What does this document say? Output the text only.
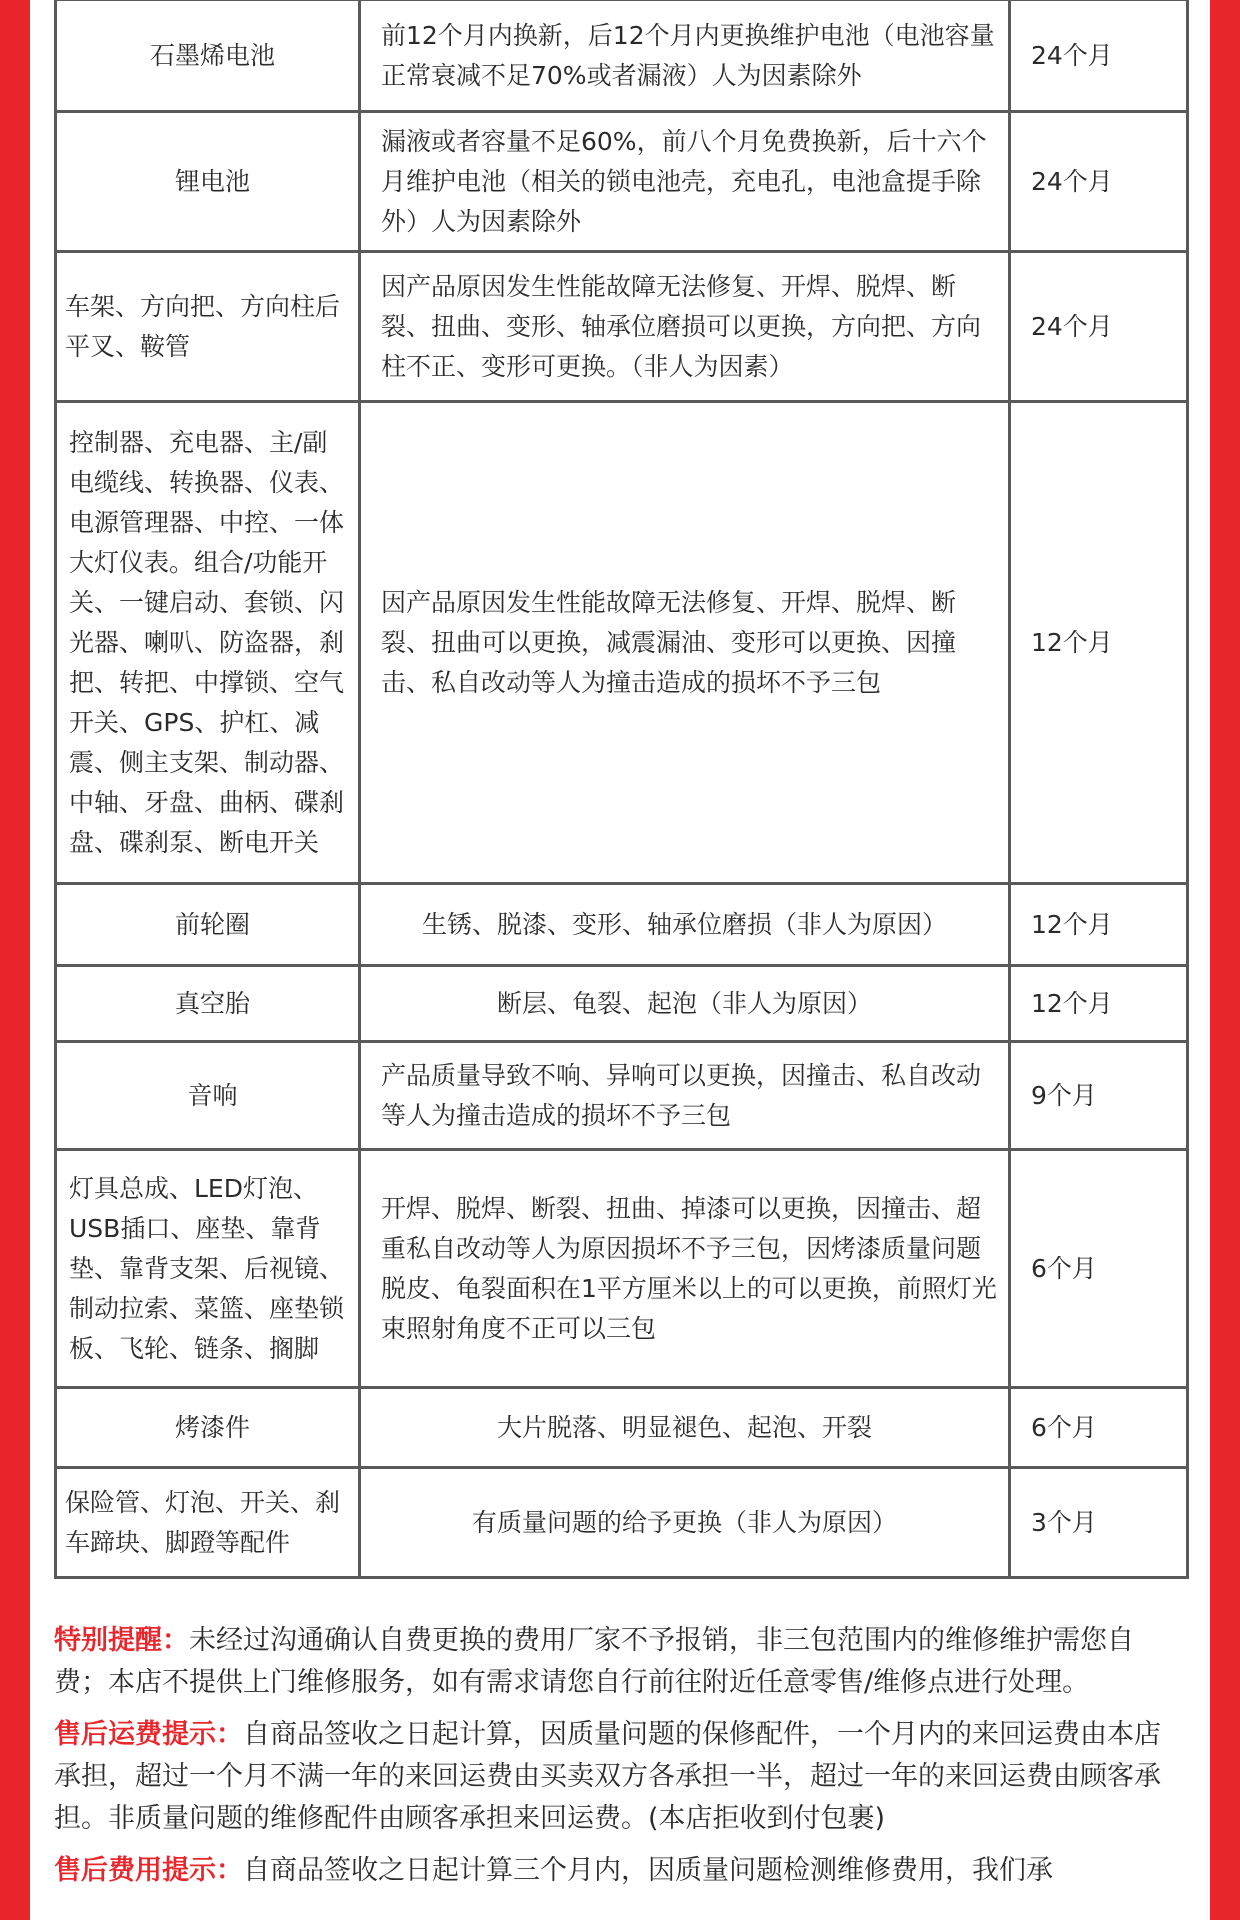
石墨烯电池	前12个月内换新，后12个月内更换维护电池（电池容量正常衰减不足70%或者漏液）人为因素除外	24个月
锂电池	漏液或者容量不足60%，前八个月免费换新，后十六个月维护电池（相关的锁电池壳，充电孔，电池盒提手除外）人为因素除外	24个月
车架、方向把、方向柱后平叉、鞍管	因产品原因发生性能故障无法修复、开焊、脱焊、断裂、扭曲、变形、轴承位磨损可以更换，方向把、方向柱不正、变形可更换。（非人为因素）	24个月
控制器、充电器、主/副电缆线、转换器、仪表、电源管理器、中控、一体大灯仪表。组合/功能开关、一键启动、套锁、闪光器、喇叭、防盗器，刹把、转把、中撑锁、空气开关、GPS、护杠、减震、侧主支架、制动器、中轴、牙盘、曲柄、碟刹盘、碟刹泵、断电开关	因产品原因发生性能故障无法修复、开焊、脱焊、断裂、扭曲可以更换，减震漏油、变形可以更换、因撞击、私自改动等人为撞击造成的损坏不予三包	12个月
前轮圈	生锈、脱漆、变形、轴承位磨损（非人为原因）	12个月
真空胎	断层、龟裂、起泡（非人为原因）	12个月
音响	产品质量导致不响、异响可以更换，因撞击、私自改动等人为撞击造成的损坏不予三包	9个月
灯具总成、LED灯泡、USB插口、座垫、靠背垫、靠背支架、后视镜、制动拉索、菜篮、座垫锁板、飞轮、链条、搁脚	开焊、脱焊、断裂、扭曲、掉漆可以更换，因撞击、超重私自改动等人为原因损坏不予三包，因烤漆质量问题脱皮、龟裂面积在1平方厘米以上的可以更换，前照灯光束照射角度不正可以三包	6个月
烤漆件	大片脱落、明显褪色、起泡、开裂	6个月
保险管、灯泡、开关、刹车蹄块、脚蹬等配件	有质量问题的给予更换（非人为原因）	3个月

特别提醒：未经过沟通确认自费更换的费用厂家不予报销，非三包范围内的维修维护需您自费；本店不提供上门维修服务，如有需求请您自行前往附近任意零售/维修点进行处理。

售后运费提示：自商品签收之日起计算，因质量问题的保修配件，一个月内的来回运费由本店承担，超过一个月不满一年的来回运费由买卖双方各承担一半，超过一年的来回运费由顾客承担。非质量问题的维修配件由顾客承担来回运费。(本店拒收到付包裹)

售后费用提示：自商品签收之日起计算三个月内，因质量问题检测维修费用，我们承
